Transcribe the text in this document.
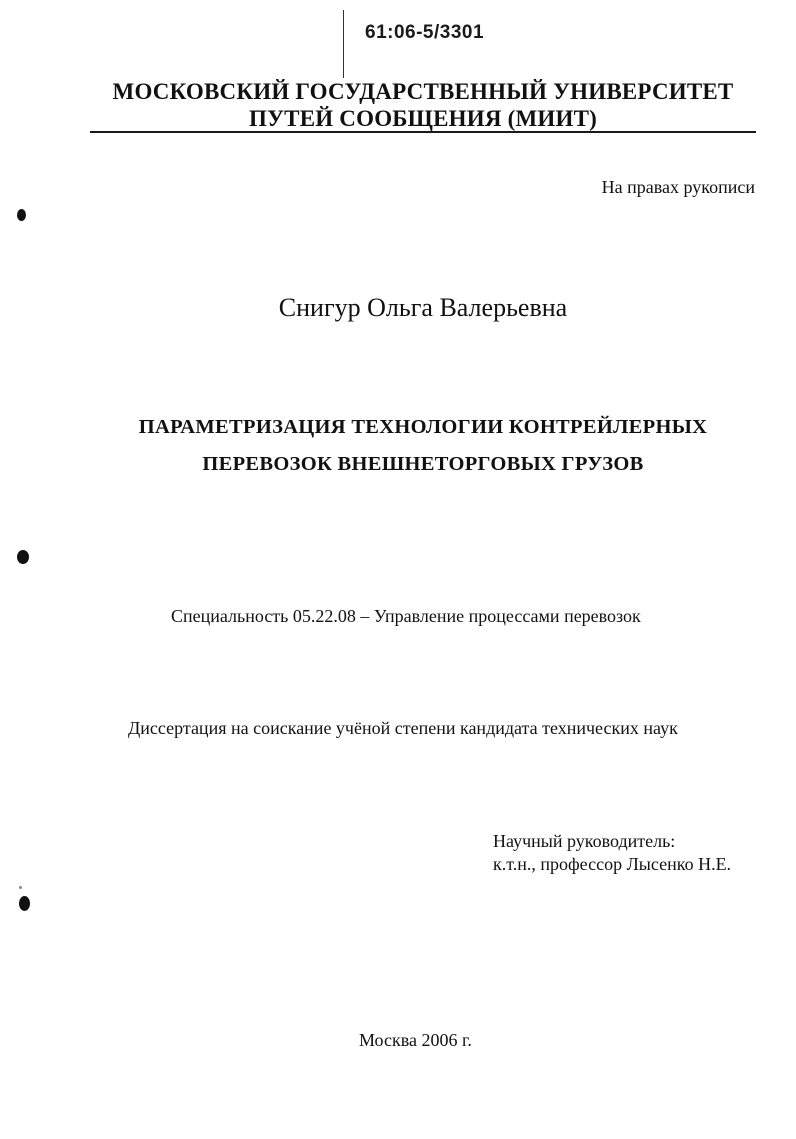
61:06-5/3301
МОСКОВСКИЙ ГОСУДАРСТВЕННЫЙ УНИВЕРСИТЕТ
ПУТЕЙ СООБЩЕНИЯ (МИИТ)
На правах рукописи
Снигур Ольга Валерьевна
ПАРАМЕТРИЗАЦИЯ ТЕХНОЛОГИИ КОНТРЕЙЛЕРНЫХ
ПЕРЕВОЗОК ВНЕШНЕТОРГОВЫХ ГРУЗОВ
Специальность 05.22.08 – Управление процессами перевозок
Диссертация на соискание учёной степени кандидата технических наук
Научный руководитель:
к.т.н., профессор Лысенко Н.Е.
Москва 2006 г.
